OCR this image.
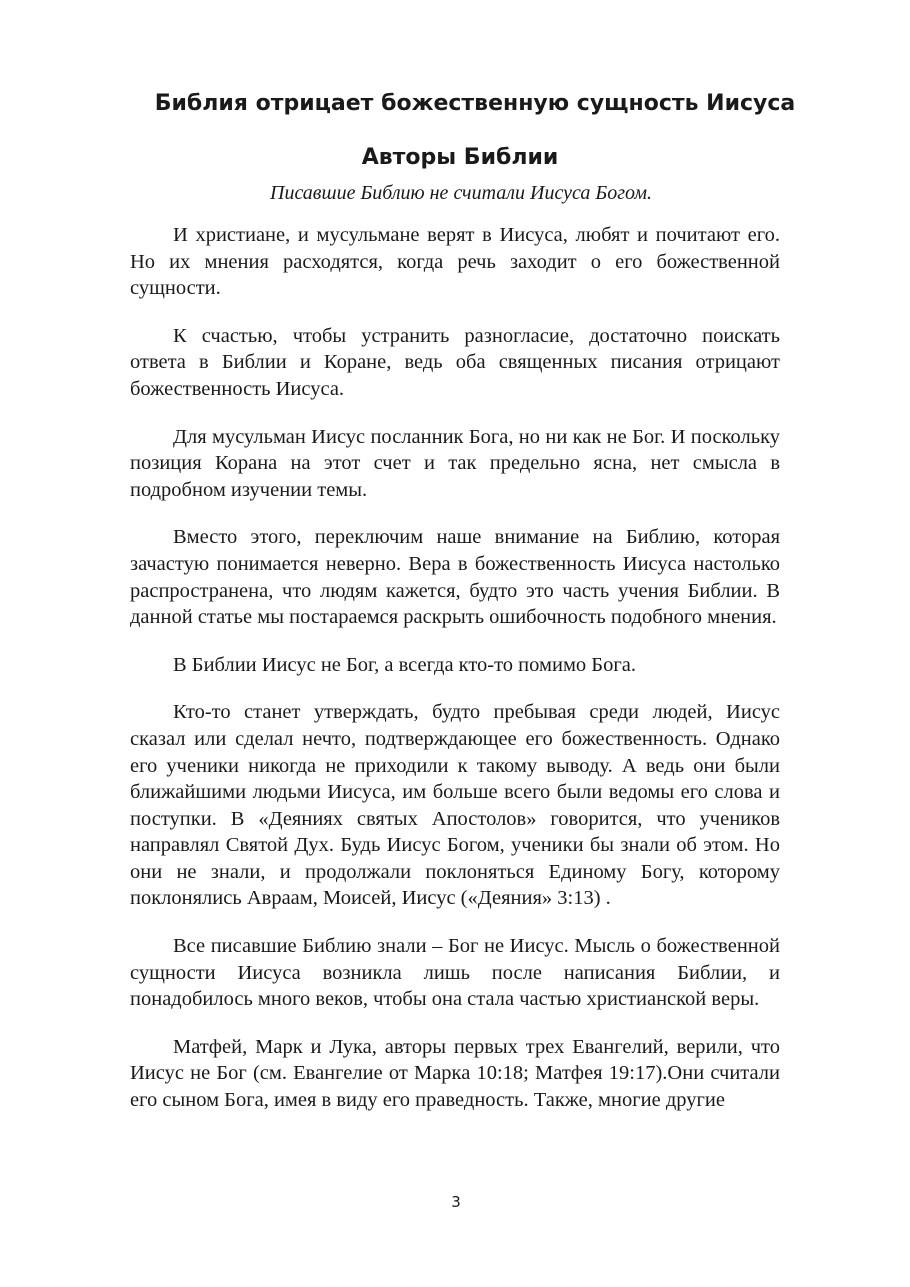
Библия отрицает божественную сущность Иисуса
Авторы Библии

Писавшие Библию не считали Иисуса Богом.

И христиане, и мусульмане верят в Иисуса, любят и почитают его. Но их мнения расходятся, когда речь заходит о его божественной сущности.

К счастью, чтобы устранить разногласие, достаточно поискать ответа в Библии и Коране, ведь оба священных писания отрицают божественность Иисуса.

Для мусульман Иисус посланник Бога, но ни как не Бог. И поскольку позиция Корана на этот счет и так предельно ясна, нет смысла в подробном изучении темы.

Вместо этого, переключим наше внимание на Библию, которая зачастую понимается неверно. Вера в божественность Иисуса настолько распространена, что людям кажется, будто это часть учения Библии. В данной статье мы постараемся раскрыть ошибочность подобного мнения.

В Библии Иисус не Бог, а всегда кто-то помимо Бога.

Кто-то станет утверждать, будто пребывая среди людей, Иисус сказал или сделал нечто, подтверждающее его божественность. Однако его ученики никогда не приходили к такому выводу. А ведь они были ближайшими людьми Иисуса, им больше всего были ведомы его слова и поступки. В «Деяниях святых Апостолов» говорится, что учеников направлял Святой Дух. Будь Иисус Богом, ученики бы знали об этом. Но они не знали, и продолжали поклоняться Единому Богу, которому поклонялись Авраам, Моисей, Иисус («Деяния» 3:13) .

Все писавшие Библию знали – Бог не Иисус. Мысль о божественной сущности Иисуса возникла лишь после написания Библии, и понадобилось много веков, чтобы она стала частью христианской веры.

Матфей, Марк и Лука, авторы первых трех Евангелий, верили, что Иисус не Бог (см. Евангелие от Марка 10:18; Матфея 19:17).Они считали его сыном Бога, имея в виду его праведность. Также, многие другие

3
